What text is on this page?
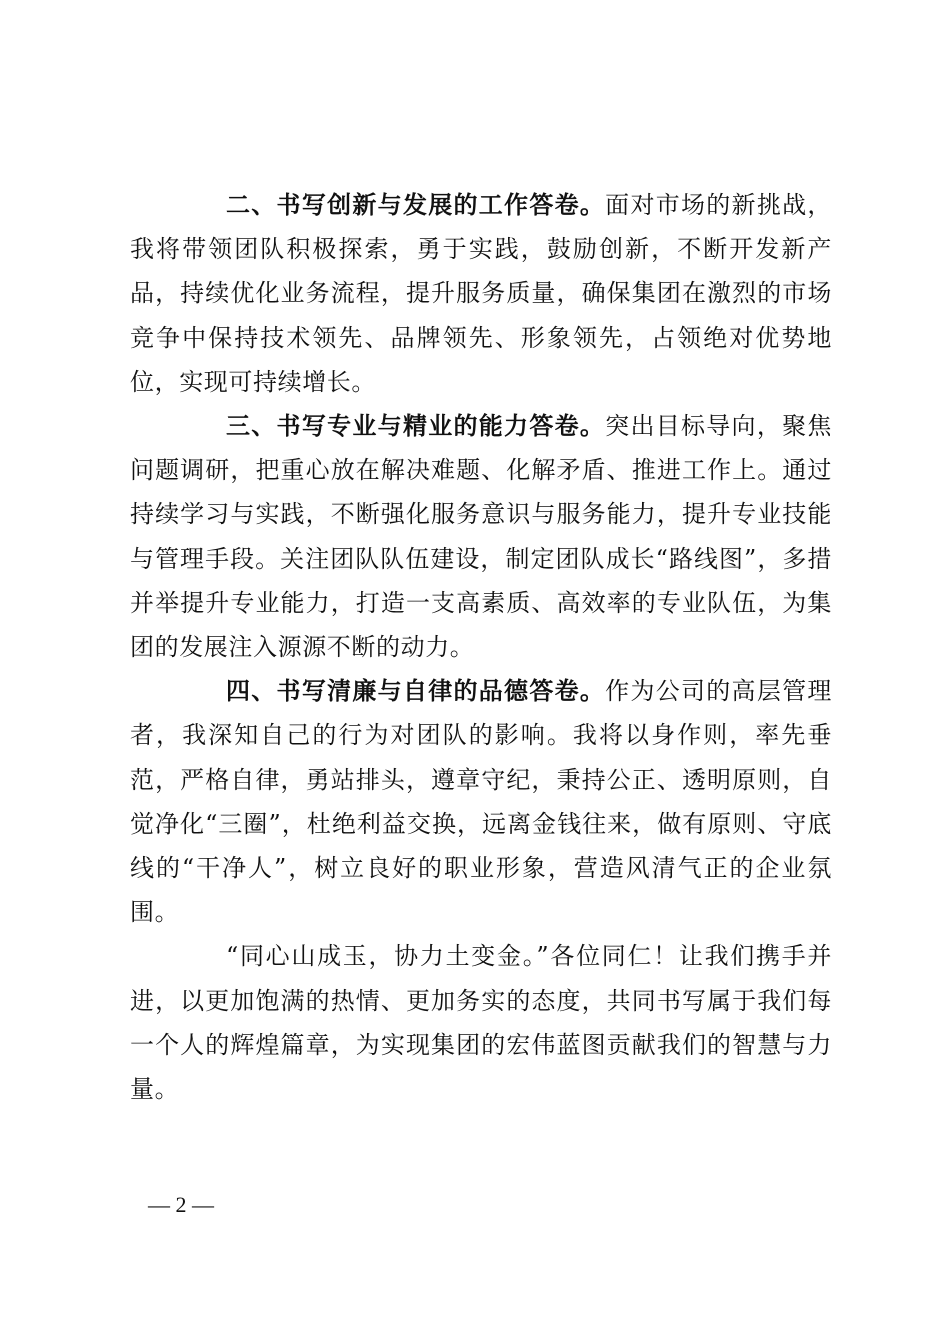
二、书写创新与发展的工作答卷。面对市场的新挑战，我将带领团队积极探索，勇于实践，鼓励创新，不断开发新产品，持续优化业务流程，提升服务质量，确保集团在激烈的市场竞争中保持技术领先、品牌领先、形象领先，占领绝对优势地位，实现可持续增长。

三、书写专业与精业的能力答卷。突出目标导向，聚焦问题调研，把重心放在解决难题、化解矛盾、推进工作上。通过持续学习与实践，不断强化服务意识与服务能力，提升专业技能与管理手段。关注团队队伍建设，制定团队成长“路线图”，多措并举提升专业能力，打造一支高素质、高效率的专业队伍，为集团的发展注入源源不断的动力。

四、书写清廉与自律的品德答卷。作为公司的高层管理者，我深知自己的行为对团队的影响。我将以身作则，率先垂范，严格自律，勇站排头，遵章守纪，秉持公正、透明原则，自觉净化“三圈”，杜绝利益交换，远离金钱往来，做有原则、守底线的“干净人”，树立良好的职业形象，营造风清气正的企业氛围。

“同心山成玉，协力土变金。”各位同仁！让我们携手并进，以更加饱满的热情、更加务实的态度，共同书写属于我们每一个人的辉煌篇章，为实现集团的宏伟蓝图贡献我们的智慧与力量。

— 2 —
